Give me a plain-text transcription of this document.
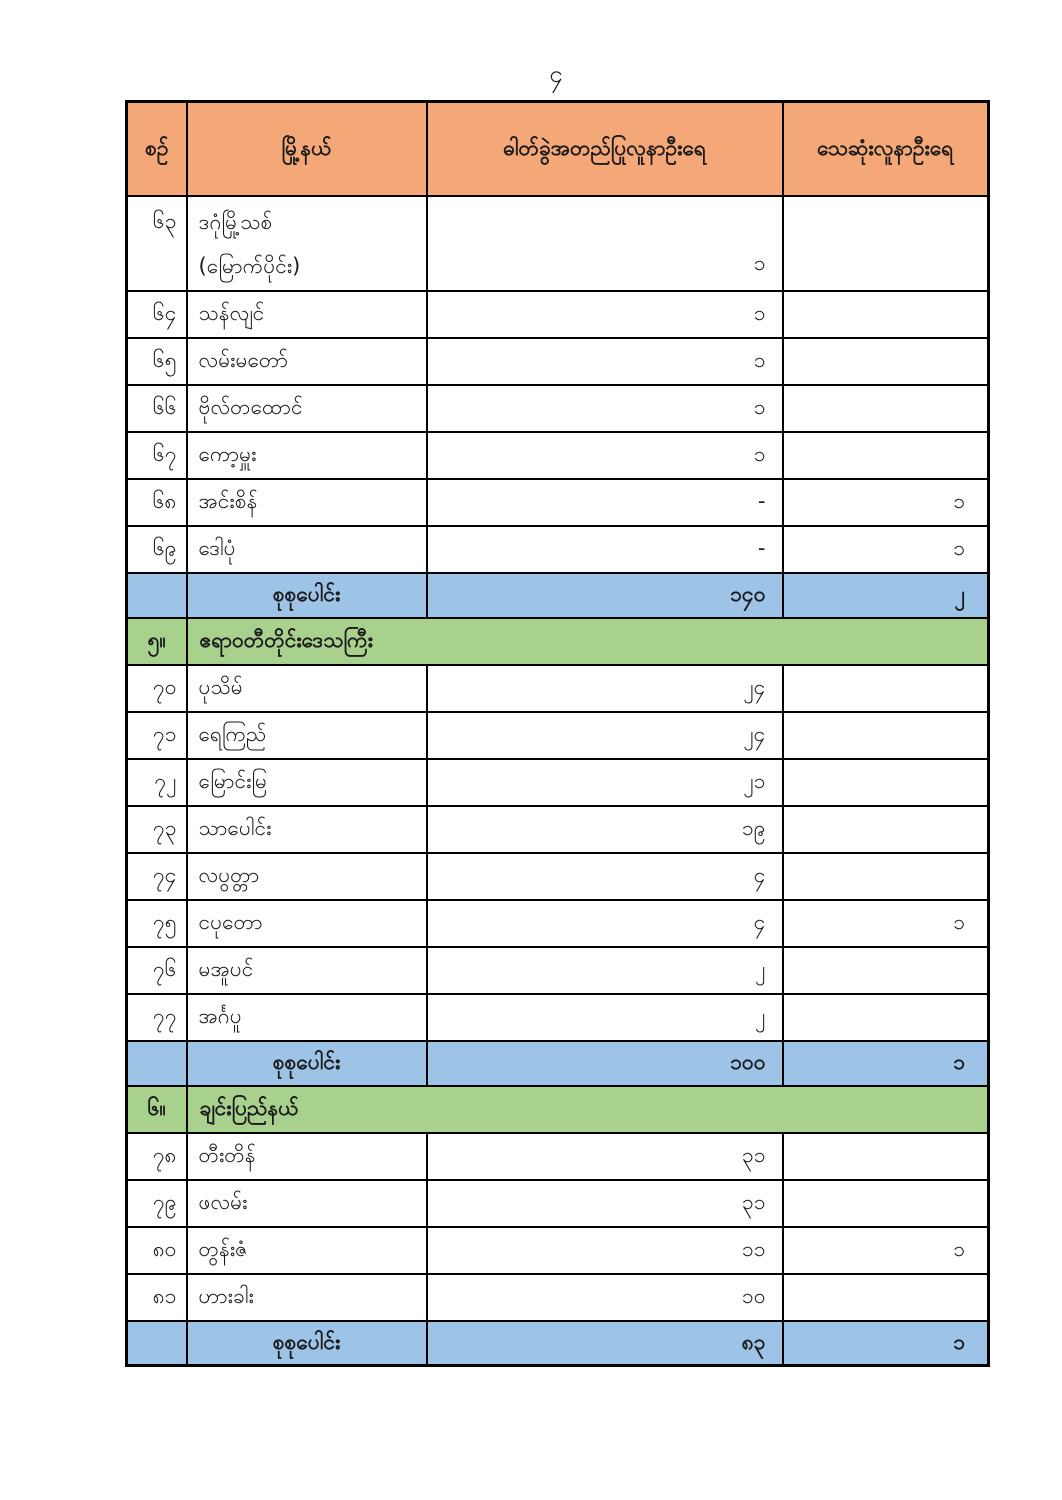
၄
စဉ်	မြို့နယ်	ဓါတ်ခွဲအတည်ပြုလူနာဦးရေ	သေဆုံးလူနာဦးရေ
၆၃	ဒဂုံမြို့သစ်
(မြောက်ပိုင်း)	၁	
၆၄	သန်လျင်	၁	
၆၅	လမ်းမတော်	၁	
၆၆	ဗိုလ်တထောင်	၁	
၆၇	ကော့မှူး	၁	
၆၈	အင်းစိန်	-	၁
၆၉	ဒေါပုံ	-	၁
	စုစုပေါင်း	၁၄၀	၂
၅။	ဧရာဝတီတိုင်းဒေသကြီး		
၇၀	ပုသိမ်	၂၄	
၇၁	ရေကြည်	၂၄	
၇၂	မြောင်းမြ	၂၁	
၇၃	သာပေါင်း	၁၉	
၇၄	လပွတ္တာ	၄	
၇၅	ငပုတော	၄	၁
၇၆	မအူပင်	၂	
၇၇	အင်္ဂပူ	၂	
	စုစုပေါင်း	၁၀၀	၁
၆။	ချင်းပြည်နယ်		
၇၈	တီးတိန်	၃၁	
၇၉	ဖလမ်း	၃၁	
၈၀	တွန်းဇံ	၁၁	၁
၈၁	ဟားခါး	၁၀	
	စုစုပေါင်း	၈၃	၁
